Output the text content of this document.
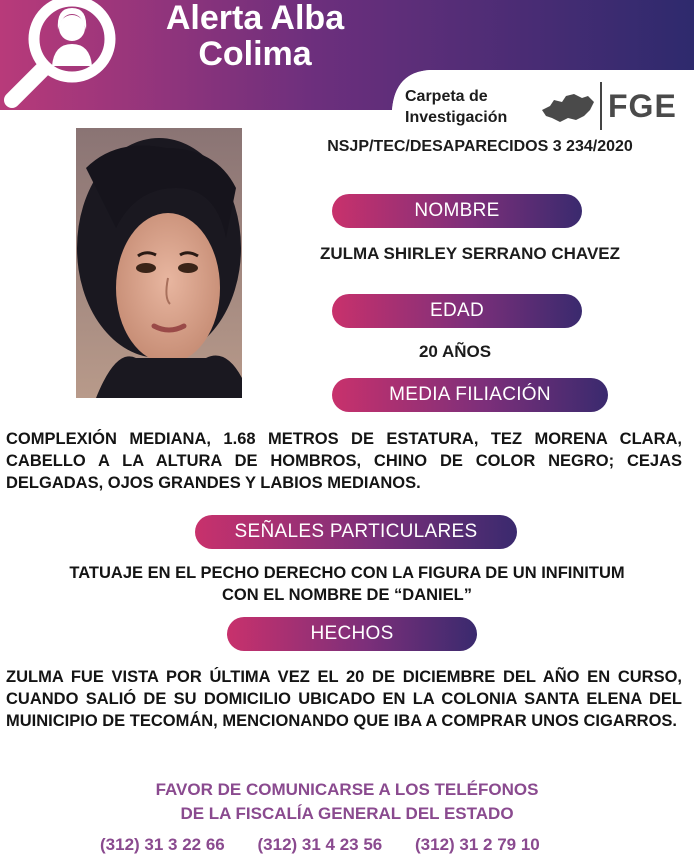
Alerta Alba
Colima
Carpeta de
Investigación	FGE
NSJP/TEC/DESAPARECIDOS 3 234/2020
NOMBRE
ZULMA SHIRLEY SERRANO CHAVEZ
EDAD
20 AÑOS
MEDIA FILIACIÓN
COMPLEXIÓN MEDIANA, 1.68 METROS DE ESTATURA, TEZ MORENA CLARA, CABELLO A LA ALTURA DE HOMBROS, CHINO DE COLOR NEGRO; CEJAS DELGADAS, OJOS GRANDES Y LABIOS MEDIANOS.
SEÑALES PARTICULARES
TATUAJE EN EL PECHO DERECHO CON LA FIGURA DE UN INFINITUM
CON EL NOMBRE DE “DANIEL”
HECHOS
ZULMA FUE VISTA POR ÚLTIMA VEZ EL 20 DE DICIEMBRE DEL AÑO EN CURSO, CUANDO SALIÓ DE SU DOMICILIO UBICADO EN LA COLONIA SANTA ELENA DEL MUINICIPIO DE TECOMÁN, MENCIONANDO QUE IBA A COMPRAR UNOS CIGARROS.
FAVOR DE COMUNICARSE A LOS TELÉFONOS
DE LA FISCALÍA GENERAL DEL ESTADO
(312) 31 3 22 66 (312) 31 4 23 56 (312) 31 2 79 10
